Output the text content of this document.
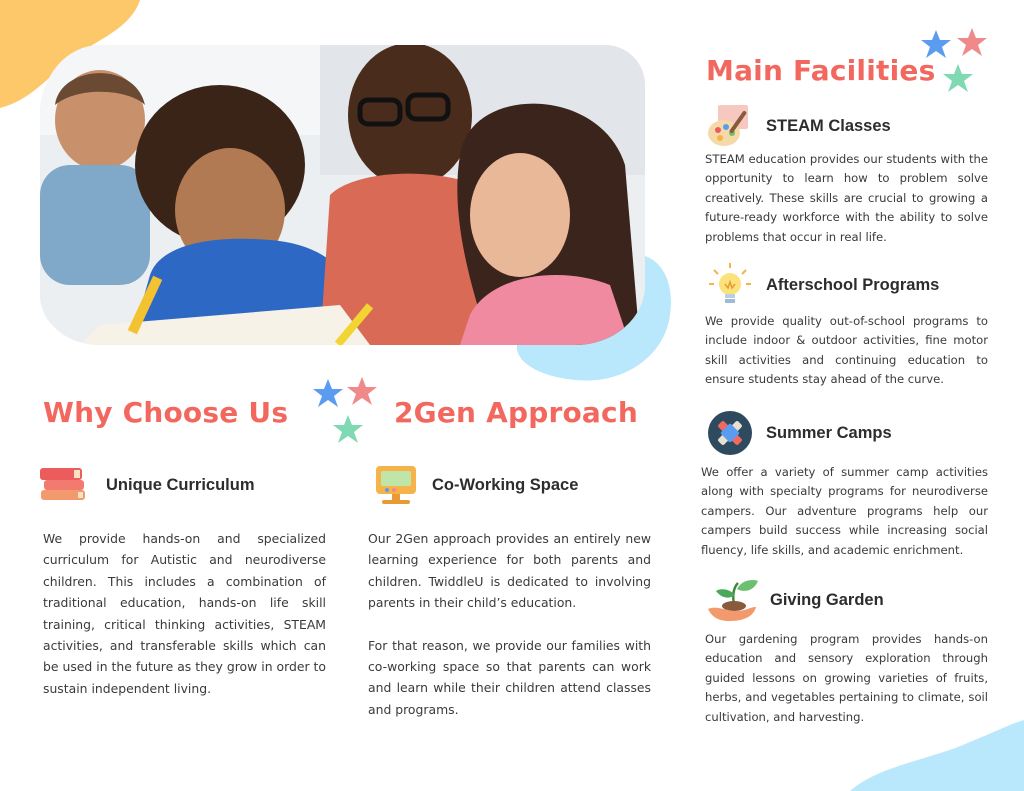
Why Choose Us
Unique Curriculum
We provide hands-on and specialized curriculum for Autistic and neurodiverse children. This includes a combination of traditional education, hands-on life skill training, critical thinking activities, STEAM activities, and transferable skills which can be used in the future as they grow in order to sustain independent living.
2Gen Approach
Co-Working Space

Our 2Gen approach provides an entirely new learning experience for both parents and children. TwiddleU is dedicated to involving parents in their child’s education.

For that reason, we provide our families with co-working space so that parents can work and learn while their children attend classes and programs.

Main Facilities
STEAM Classes
STEAM education provides our students with the opportunity to learn how to problem solve creatively. These skills are crucial to growing a future-ready workforce with the ability to solve problems that occur in real life.
Afterschool Programs
We provide quality out-of-school programs to include indoor & outdoor activities, fine motor skill activities and continuing education to ensure students stay ahead of the curve.
Summer Camps
We offer a variety of summer camp activities along with specialty programs for neurodiverse campers. Our adventure programs help our campers build success while increasing social fluency, life skills, and academic enrichment.
Giving Garden
Our gardening program provides hands-on education and sensory exploration through guided lessons on growing varieties of fruits, herbs, and vegetables pertaining to climate, soil cultivation, and harvesting.
